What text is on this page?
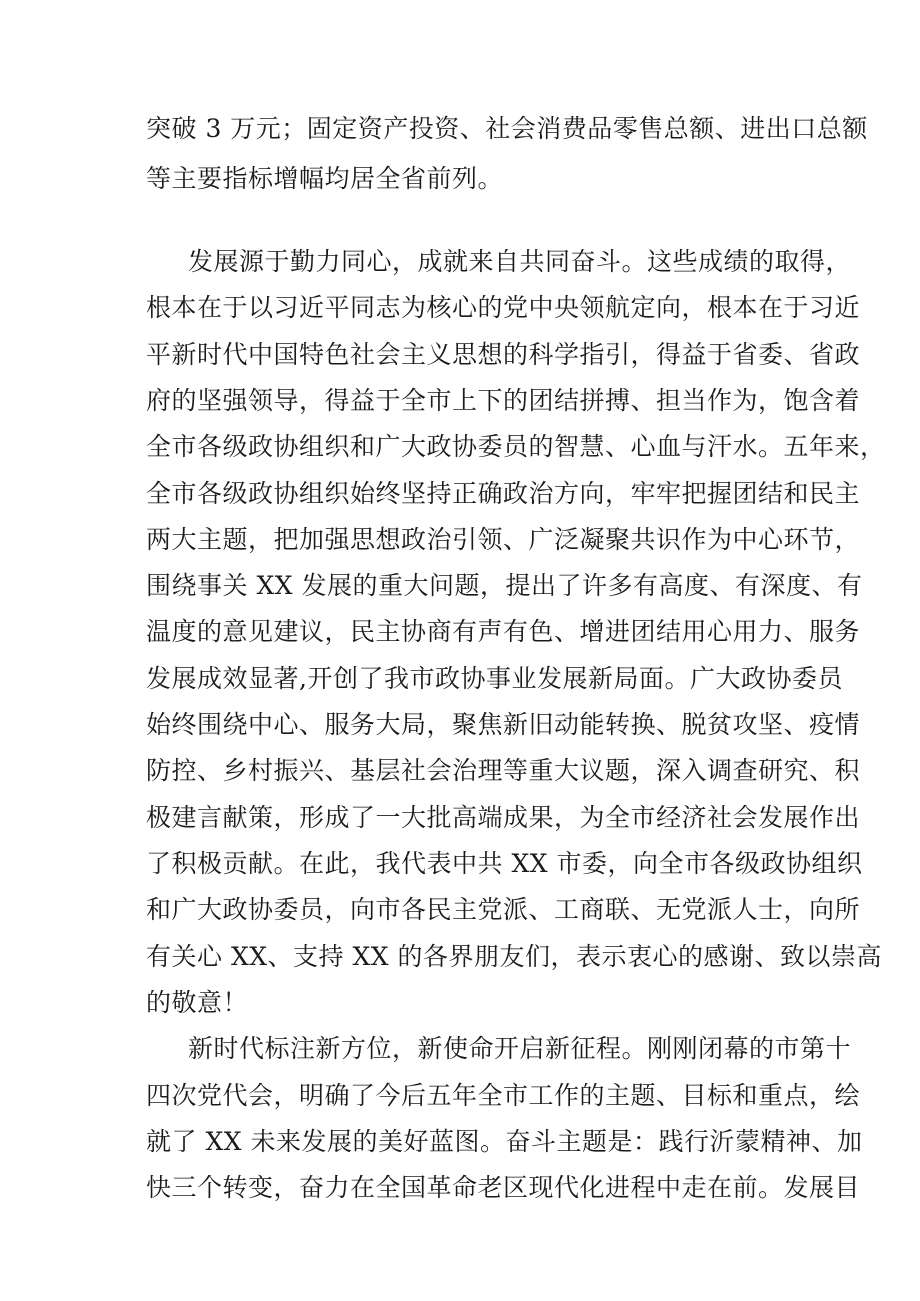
突破 3 万元；固定资产投资、社会消费品零售总额、进出口总额
等主要指标增幅均居全省前列。
发展源于勤力同心，成就来自共同奋斗。这些成绩的取得，
根本在于以习近平同志为核心的党中央领航定向，根本在于习近
平新时代中国特色社会主义思想的科学指引，得益于省委、省政
府的坚强领导，得益于全市上下的团结拼搏、担当作为，饱含着
全市各级政协组织和广大政协委员的智慧、心血与汗水。五年来，
全市各级政协组织始终坚持正确政治方向，牢牢把握团结和民主
两大主题，把加强思想政治引领、广泛凝聚共识作为中心环节，
围绕事关 XX 发展的重大问题，提出了许多有高度、有深度、有
温度的意见建议，民主协商有声有色、增进团结用心用力、服务
发展成效显著,开创了我市政协事业发展新局面。广大政协委员
始终围绕中心、服务大局，聚焦新旧动能转换、脱贫攻坚、疫情
防控、乡村振兴、基层社会治理等重大议题，深入调查研究、积
极建言献策，形成了一大批高端成果，为全市经济社会发展作出
了积极贡献。在此，我代表中共 XX 市委，向全市各级政协组织
和广大政协委员，向市各民主党派、工商联、无党派人士，向所
有关心 XX、支持 XX 的各界朋友们，表示衷心的感谢、致以崇高
的敬意！
新时代标注新方位，新使命开启新征程。刚刚闭幕的市第十
四次党代会，明确了今后五年全市工作的主题、目标和重点，绘
就了 XX 未来发展的美好蓝图。奋斗主题是：践行沂蒙精神、加
快三个转变，奋力在全国革命老区现代化进程中走在前。发展目
